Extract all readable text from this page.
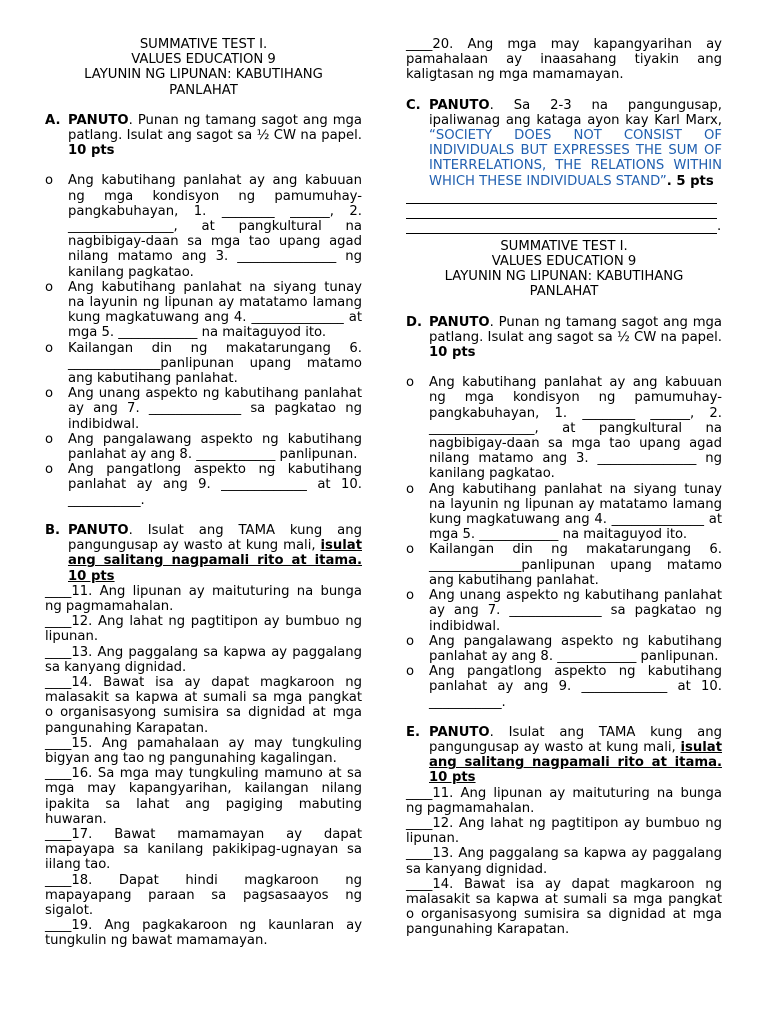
SUMMATIVE TEST I.

VALUES EDUCATION 9

LAYUNIN NG LIPUNAN: KABUTIHANG

PANLAHAT

A. PANUTO. Punan ng tamang sagot ang mga patlang. Isulat ang sagot sa ½ CW na papel. 10 pts
o Ang kabutihang panlahat ay ang kabuuan ng mga kondisyon ng pamumuhay-pangkabuhayan, 1. ________ ______, 2. ________________, at pangkultural na nagbibigay-daan sa mga tao upang agad nilang matamo ang 3. _______________ ng kanilang pagkatao.
o Ang kabutihang panlahat na siyang tunay na layunin ng lipunan ay matatamo lamang kung magkatuwang ang 4. ______________ at mga 5. ____________ na maitaguyod ito.
o Kailangan din ng makatarungang 6. ______________panlipunan upang matamo ang kabutihang panlahat.
o Ang unang aspekto ng kabutihang panlahat ay ang 7. ______________ sa pagkatao ng indibidwal.
o Ang pangalawang aspekto ng kabutihang panlahat ay ang 8. ____________ panlipunan.
o Ang pangatlong aspekto ng kabutihang panlahat ay ang 9. _____________ at 10. ___________.
B. PANUTO. Isulat ang TAMA kung ang pangungusap ay wasto at kung mali, isulat ang salitang nagpamali rito at itama. 10 pts

____11. Ang lipunan ay maituturing na bunga ng pagmamahalan.

____12. Ang lahat ng pagtitipon ay bumbuo ng lipunan.

____13. Ang paggalang sa kapwa ay paggalang sa kanyang dignidad.

____14. Bawat isa ay dapat magkaroon ng malasakit sa kapwa at sumali sa mga pangkat o organisasyong sumisira sa dignidad at mga pangunahing Karapatan.

____15. Ang pamahalaan ay may tungkuling bigyan ang tao ng pangunahing kagalingan.

____16. Sa mga may tungkuling mamuno at sa mga may kapangyarihan, kailangan nilang ipakita sa lahat ang pagiging mabuting huwaran.

____17. Bawat mamamayan ay dapat mapayapa sa kanilang pakikipag-ugnayan sa iilang tao.

____18. Dapat hindi magkaroon ng mapayapang paraan sa pagsasaayos ng sigalot.

____19. Ang pagkakaroon ng kaunlaran ay tungkulin ng bawat mamamayan.

____20. Ang mga may kapangyarihan ay pamahalaan ay inaasahang tiyakin ang kaligtasan ng mga mamamayan.

C. PANUTO. Sa 2-3 na pangungusap, ipaliwanag ang kataga ayon kay Karl Marx, “SOCIETY DOES NOT CONSIST OF INDIVIDUALS BUT EXPRESSES THE SUM OF INTERRELATIONS, THE RELATIONS WITHIN WHICH THESE INDIVIDUALS STAND”. 5 pts
.

SUMMATIVE TEST I.

VALUES EDUCATION 9

LAYUNIN NG LIPUNAN: KABUTIHANG

PANLAHAT

D. PANUTO. Punan ng tamang sagot ang mga patlang. Isulat ang sagot sa ½ CW na papel. 10 pts
o Ang kabutihang panlahat ay ang kabuuan ng mga kondisyon ng pamumuhay-pangkabuhayan, 1. ________ ______, 2. ________________, at pangkultural na nagbibigay-daan sa mga tao upang agad nilang matamo ang 3. _______________ ng kanilang pagkatao.
o Ang kabutihang panlahat na siyang tunay na layunin ng lipunan ay matatamo lamang kung magkatuwang ang 4. ______________ at mga 5. ____________ na maitaguyod ito.
o Kailangan din ng makatarungang 6. ______________panlipunan upang matamo ang kabutihang panlahat.
o Ang unang aspekto ng kabutihang panlahat ay ang 7. ______________ sa pagkatao ng indibidwal.
o Ang pangalawang aspekto ng kabutihang panlahat ay ang 8. ____________ panlipunan.
o Ang pangatlong aspekto ng kabutihang panlahat ay ang 9. _____________ at 10. ___________.
E. PANUTO. Isulat ang TAMA kung ang pangungusap ay wasto at kung mali, isulat ang salitang nagpamali rito at itama. 10 pts

____11. Ang lipunan ay maituturing na bunga ng pagmamahalan.

____12. Ang lahat ng pagtitipon ay bumbuo ng lipunan.

____13. Ang paggalang sa kapwa ay paggalang sa kanyang dignidad.

____14. Bawat isa ay dapat magkaroon ng malasakit sa kapwa at sumali sa mga pangkat o organisasyong sumisira sa dignidad at mga pangunahing Karapatan.
